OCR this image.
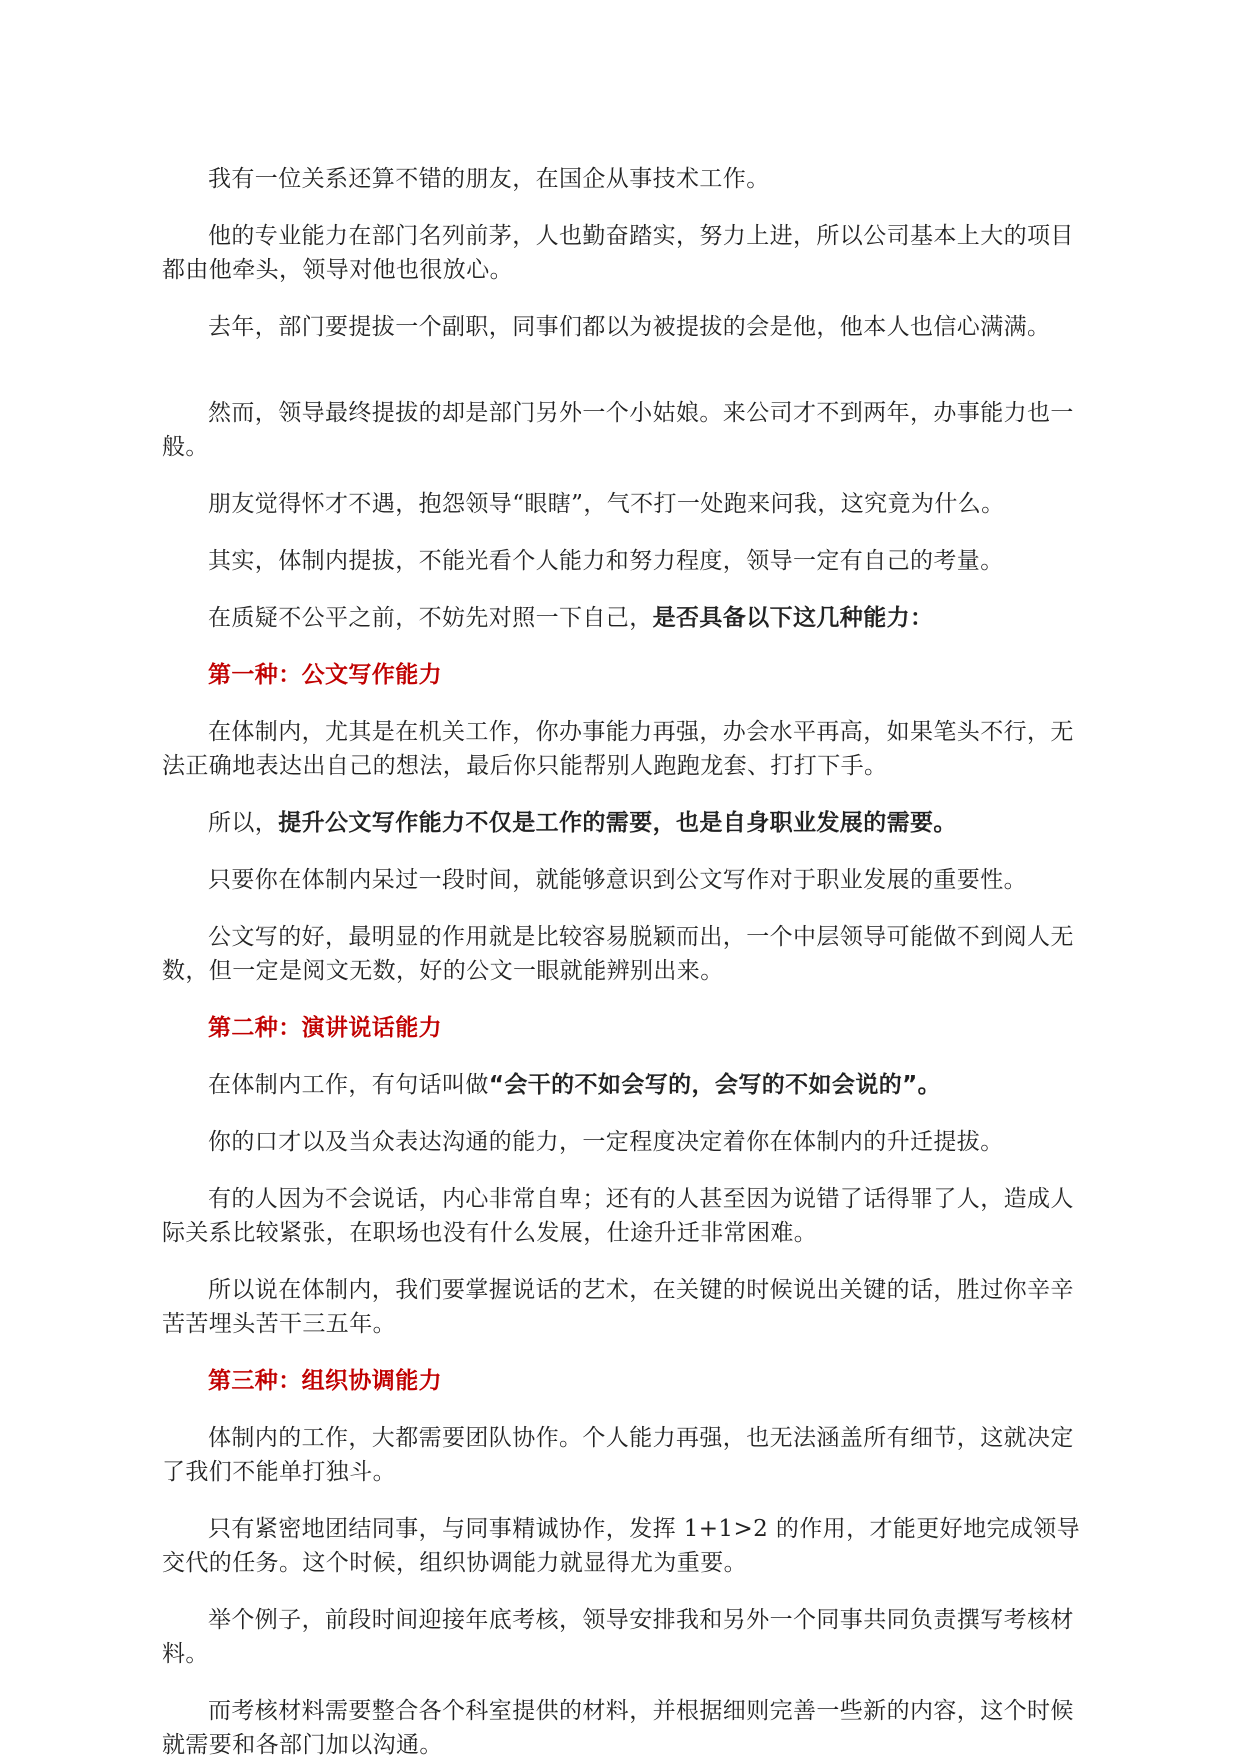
我有一位关系还算不错的朋友，在国企从事技术工作。

他的专业能力在部门名列前茅，人也勤奋踏实，努力上进，所以公司基本上大的项目都由他牵头，领导对他也很放心。

去年，部门要提拔一个副职，同事们都以为被提拔的会是他，他本人也信心满满。

然而，领导最终提拔的却是部门另外一个小姑娘。来公司才不到两年，办事能力也一般。

朋友觉得怀才不遇，抱怨领导“眼瞎”，气不打一处跑来问我，这究竟为什么。

其实，体制内提拔，不能光看个人能力和努力程度，领导一定有自己的考量。

在质疑不公平之前，不妨先对照一下自己，是否具备以下这几种能力：

第一种：公文写作能力

在体制内，尤其是在机关工作，你办事能力再强，办会水平再高，如果笔头不行，无法正确地表达出自己的想法，最后你只能帮别人跑跑龙套、打打下手。

所以，提升公文写作能力不仅是工作的需要，也是自身职业发展的需要。

只要你在体制内呆过一段时间，就能够意识到公文写作对于职业发展的重要性。

公文写的好，最明显的作用就是比较容易脱颖而出，一个中层领导可能做不到阅人无数，但一定是阅文无数，好的公文一眼就能辨别出来。

第二种：演讲说话能力

在体制内工作，有句话叫做“会干的不如会写的，会写的不如会说的”。

你的口才以及当众表达沟通的能力，一定程度决定着你在体制内的升迁提拔。

有的人因为不会说话，内心非常自卑；还有的人甚至因为说错了话得罪了人，造成人际关系比较紧张，在职场也没有什么发展，仕途升迁非常困难。

所以说在体制内，我们要掌握说话的艺术，在关键的时候说出关键的话，胜过你辛辛苦苦埋头苦干三五年。

第三种：组织协调能力

体制内的工作，大都需要团队协作。个人能力再强，也无法涵盖所有细节，这就决定了我们不能单打独斗。

只有紧密地团结同事，与同事精诚协作，发挥 1+1>2 的作用，才能更好地完成领导交代的任务。这个时候，组织协调能力就显得尤为重要。

举个例子，前段时间迎接年底考核，领导安排我和另外一个同事共同负责撰写考核材料。

而考核材料需要整合各个科室提供的材料，并根据细则完善一些新的内容，这个时候就需要和各部门加以沟通。
